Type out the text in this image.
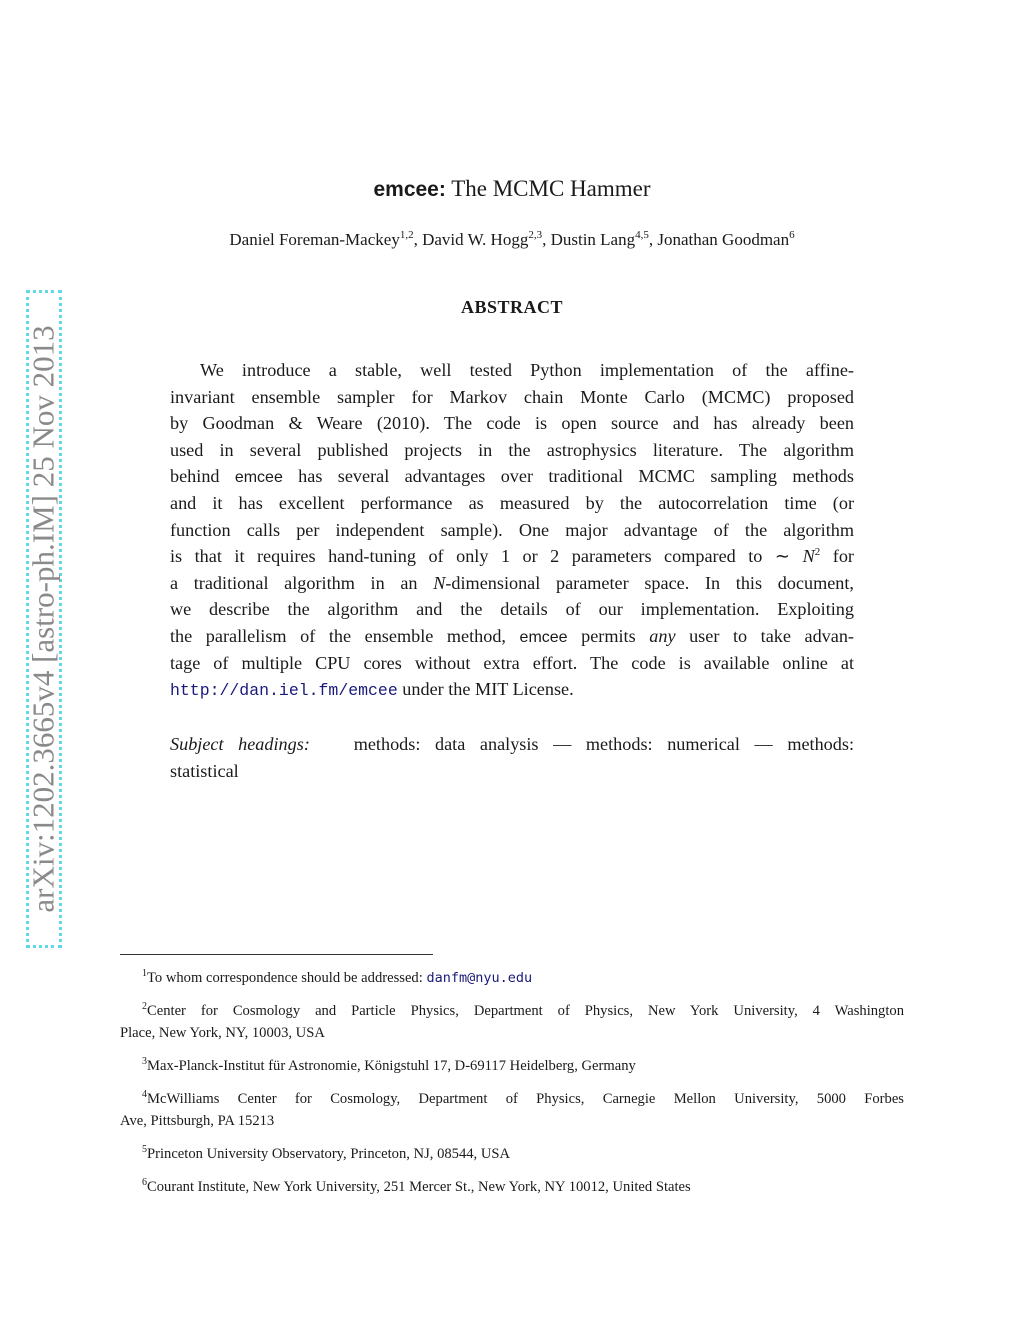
arXiv:1202.3665v4 [astro-ph.IM] 25 Nov 2013
emcee: The MCMC Hammer
Daniel Foreman-Mackey$^{1,2}$, David W. Hogg$^{2,3}$, Dustin Lang$^{4,5}$, Jonathan Goodman$^6$
ABSTRACT
We introduce a stable, well tested Python implementation of the affine-
invariant ensemble sampler for Markov chain Monte Carlo (MCMC) proposed
by Goodman & Weare (2010). The code is open source and has already been
used in several published projects in the astrophysics literature. The algorithm
behind emcee has several advantages over traditional MCMC sampling methods
and it has excellent performance as measured by the autocorrelation time (or
function calls per independent sample). One major advantage of the algorithm
is that it requires hand-tuning of only 1 or 2 parameters compared to ∼ $N^2$ for
a traditional algorithm in an N-dimensional parameter space. In this document,
we describe the algorithm and the details of our implementation. Exploiting
the parallelism of the ensemble method, emcee permits any user to take advan-
tage of multiple CPU cores without extra effort. The code is available online at
http://dan.iel.fm/emcee under the MIT License.
Subject headings: methods: data analysis — methods: numerical — methods:
statistical
$^1$To whom correspondence should be addressed: danfm@nyu.edu
$^2$Center for Cosmology and Particle Physics, Department of Physics, New York University, 4 Washington
Place, New York, NY, 10003, USA
$^3$Max-Planck-Institut für Astronomie, Königstuhl 17, D-69117 Heidelberg, Germany
$^4$McWilliams Center for Cosmology, Department of Physics, Carnegie Mellon University, 5000 Forbes
Ave, Pittsburgh, PA 15213
$^5$Princeton University Observatory, Princeton, NJ, 08544, USA
$^6$Courant Institute, New York University, 251 Mercer St., New York, NY 10012, United States
